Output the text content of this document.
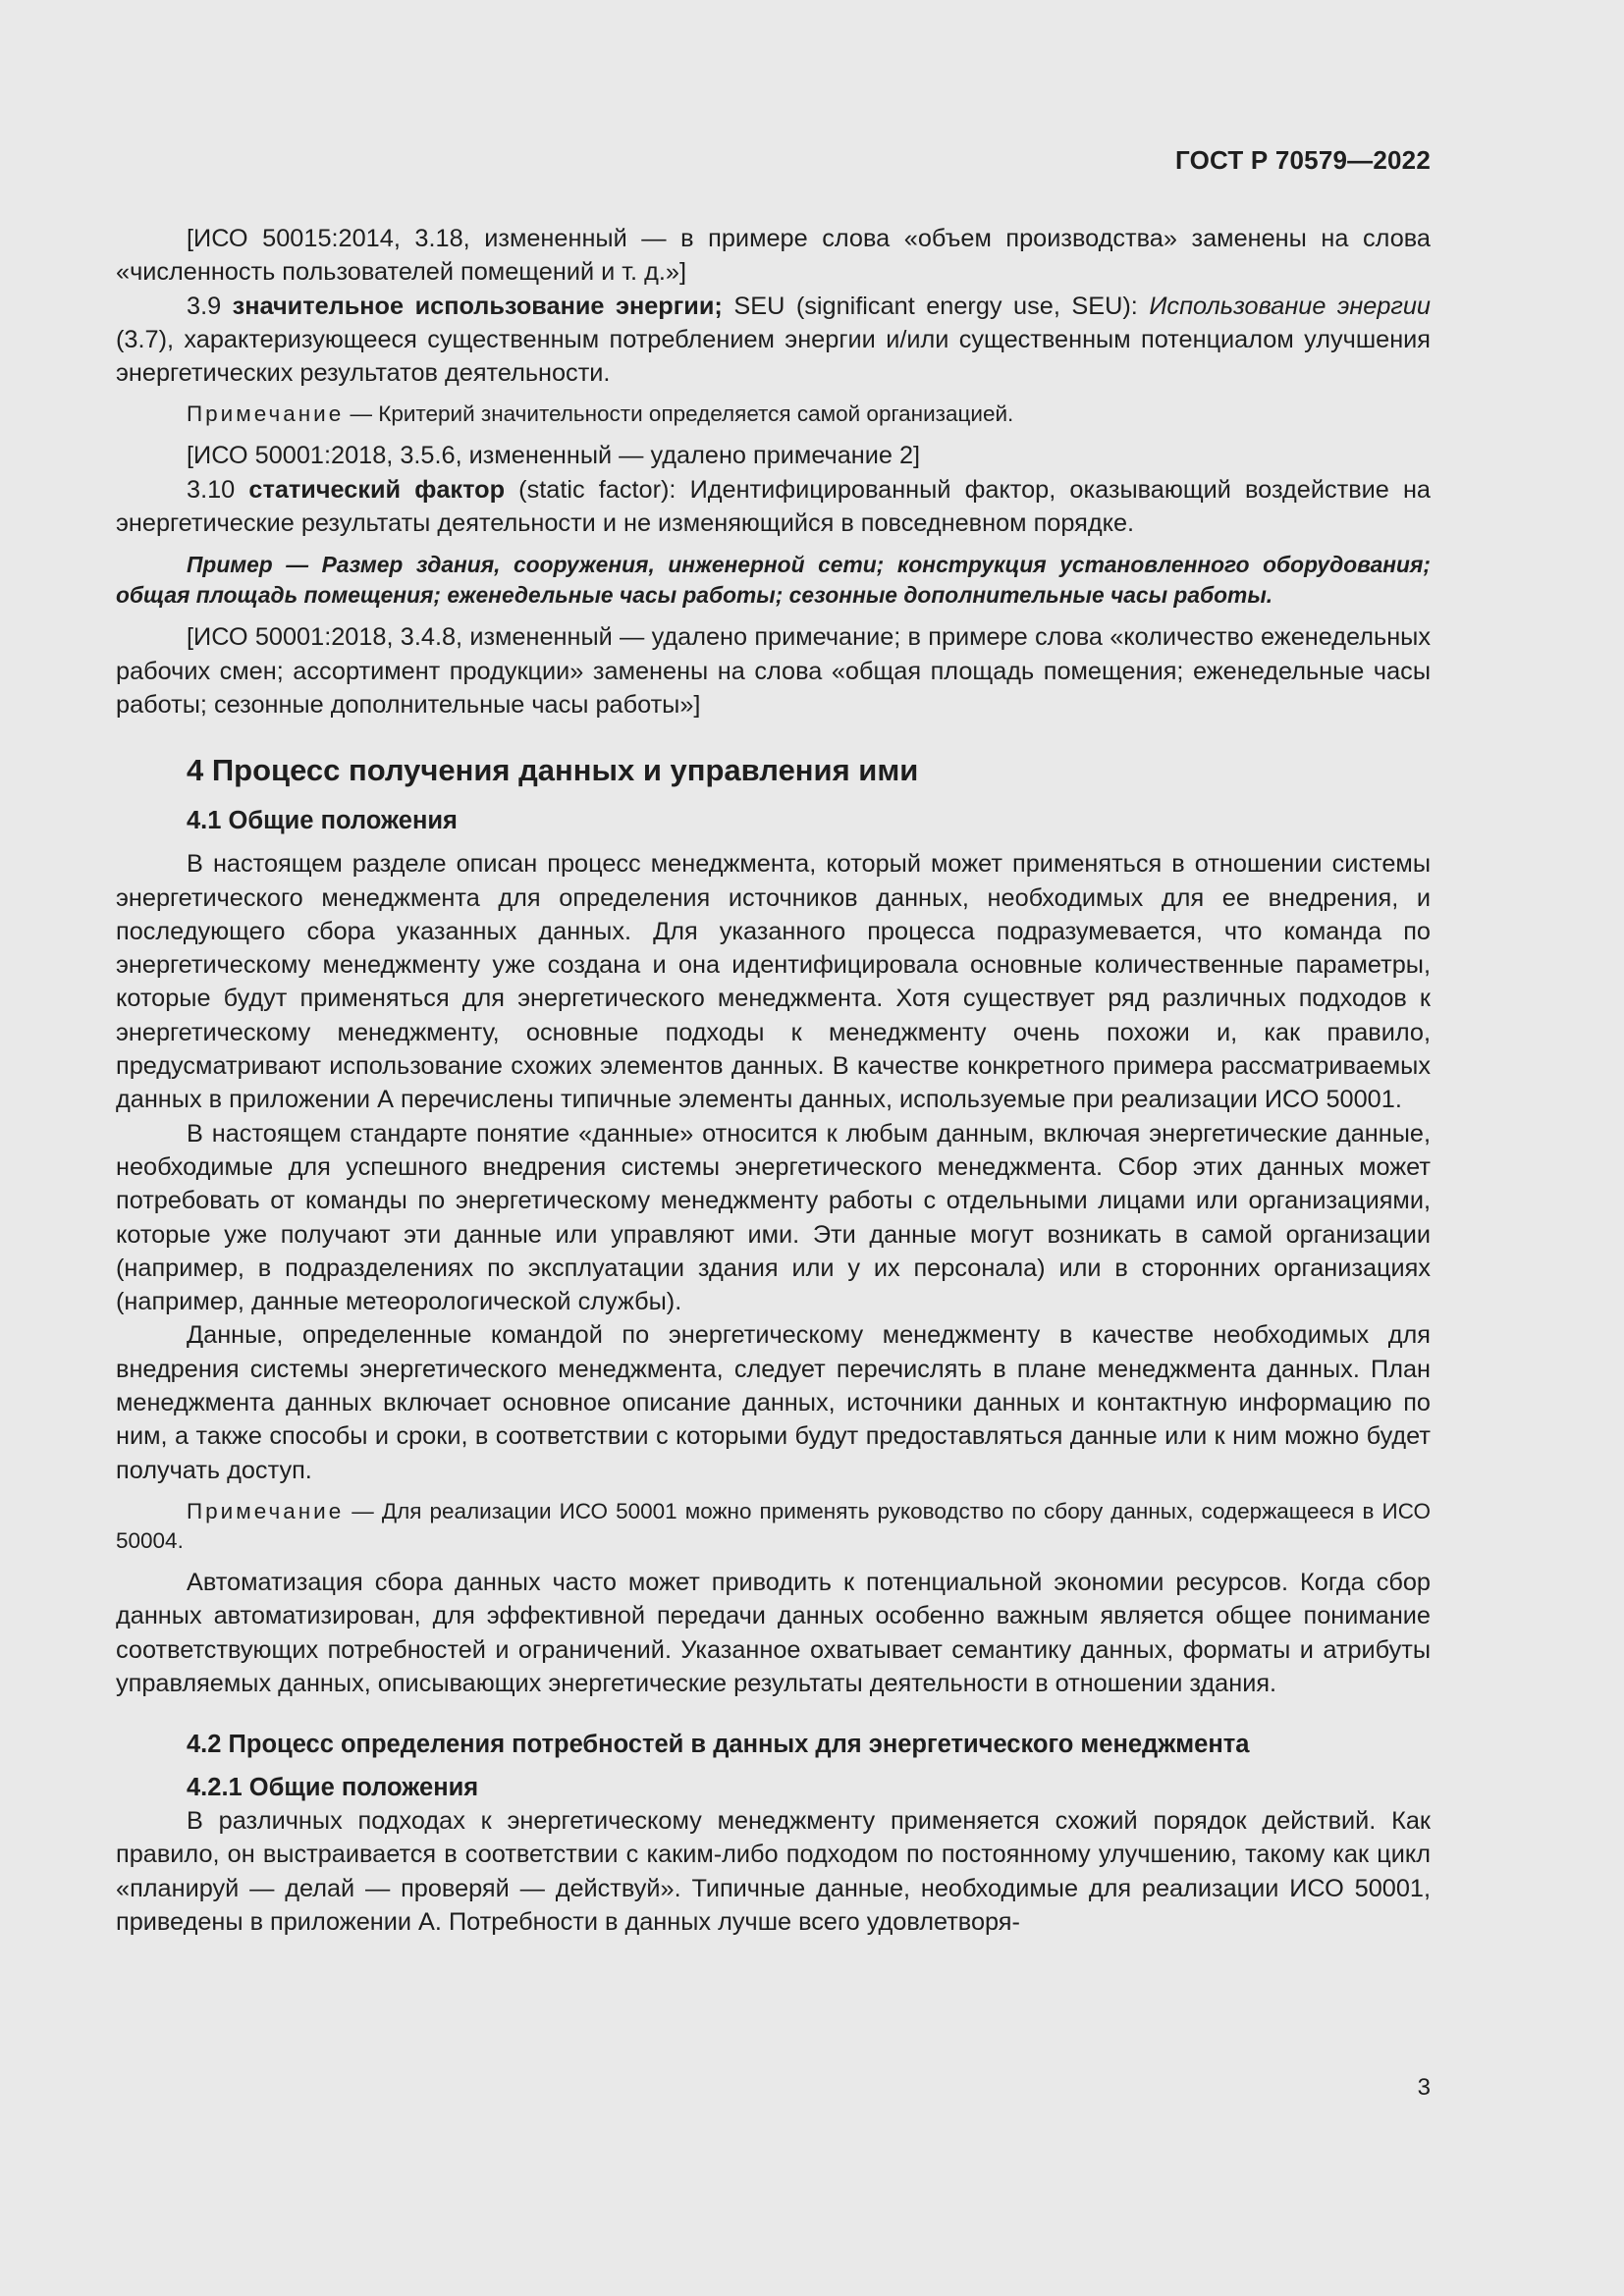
ГОСТ Р 70579—2022

[ИСО 50015:2014, 3.18, измененный — в примере слова «объем производства» заменены на слова «численность пользователей помещений и т. д.»]

3.9 значительное использование энергии; SEU (significant energy use, SEU): Использование энергии (3.7), характеризующееся существенным потреблением энергии и/или существенным потенциалом улучшения энергетических результатов деятельности.

Примечание — Критерий значительности определяется самой организацией.

[ИСО 50001:2018, 3.5.6, измененный — удалено примечание 2]

3.10 статический фактор (static factor): Идентифицированный фактор, оказывающий воздействие на энергетические результаты деятельности и не изменяющийся в повседневном порядке.

Пример — Размер здания, сооружения, инженерной сети; конструкция установленного оборудования; общая площадь помещения; еженедельные часы работы; сезонные дополнительные часы работы.

[ИСО 50001:2018, 3.4.8, измененный — удалено примечание; в примере слова «количество еженедельных рабочих смен; ассортимент продукции» заменены на слова «общая площадь помещения; еженедельные часы работы; сезонные дополнительные часы работы»]

4 Процесс получения данных и управления ими
4.1 Общие положения

В настоящем разделе описан процесс менеджмента, который может применяться в отношении системы энергетического менеджмента для определения источников данных, необходимых для ее внедрения, и последующего сбора указанных данных. Для указанного процесса подразумевается, что команда по энергетическому менеджменту уже создана и она идентифицировала основные количественные параметры, которые будут применяться для энергетического менеджмента. Хотя существует ряд различных подходов к энергетическому менеджменту, основные подходы к менеджменту очень похожи и, как правило, предусматривают использование схожих элементов данных. В качестве конкретного примера рассматриваемых данных в приложении А перечислены типичные элементы данных, используемые при реализации ИСО 50001.

В настоящем стандарте понятие «данные» относится к любым данным, включая энергетические данные, необходимые для успешного внедрения системы энергетического менеджмента. Сбор этих данных может потребовать от команды по энергетическому менеджменту работы с отдельными лицами или организациями, которые уже получают эти данные или управляют ими. Эти данные могут возникать в самой организации (например, в подразделениях по эксплуатации здания или у их персонала) или в сторонних организациях (например, данные метеорологической службы).

Данные, определенные командой по энергетическому менеджменту в качестве необходимых для внедрения системы энергетического менеджмента, следует перечислять в плане менеджмента данных. План менеджмента данных включает основное описание данных, источники данных и контактную информацию по ним, а также способы и сроки, в соответствии с которыми будут предоставляться данные или к ним можно будет получать доступ.

Примечание — Для реализации ИСО 50001 можно применять руководство по сбору данных, содержащееся в ИСО 50004.

Автоматизация сбора данных часто может приводить к потенциальной экономии ресурсов. Когда сбор данных автоматизирован, для эффективной передачи данных особенно важным является общее понимание соответствующих потребностей и ограничений. Указанное охватывает семантику данных, форматы и атрибуты управляемых данных, описывающих энергетические результаты деятельности в отношении здания.

4.2 Процесс определения потребностей в данных для энергетического менеджмента
4.2.1 Общие положения

В различных подходах к энергетическому менеджменту применяется схожий порядок действий. Как правило, он выстраивается в соответствии с каким-либо подходом по постоянному улучшению, такому как цикл «планируй — делай — проверяй — действуй». Типичные данные, необходимые для реализации ИСО 50001, приведены в приложении А. Потребности в данных лучше всего удовлетворя-

3
